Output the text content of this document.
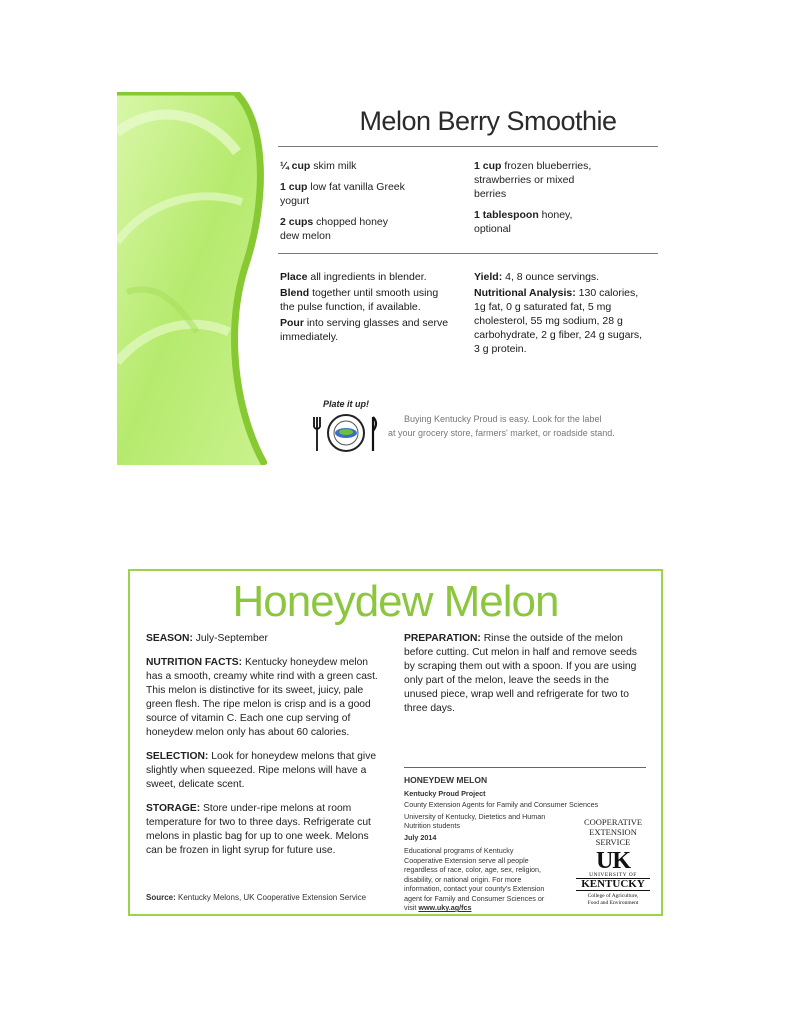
Melon Berry Smoothie

¼ cup skim milk

1 cup low fat vanilla Greek yogurt

2 cups chopped honey dew melon

1 cup frozen blueberries, strawberries or mixed berries

1 tablespoon honey, optional

Place all ingredients in blender.

Blend together until smooth using the pulse function, if available.

Pour into serving glasses and serve immediately.

Yield: 4, 8 ounce servings.

Nutritional Analysis: 130 calories, 1g fat, 0 g saturated fat, 5 mg cholesterol, 55 mg sodium, 28 g carbohydrate, 2 g fiber, 24 g sugars, 3 g protein.

Plate it up!
Buying Kentucky Proud is easy. Look for the label
at your grocery store, farmers' market, or roadside stand.
Honeydew Melon

SEASON: July-September

NUTRITION FACTS: Kentucky honeydew melon has a smooth, creamy white rind with a green cast. This melon is distinctive for its sweet, juicy, pale green flesh. The ripe melon is crisp and is a good source of vitamin C. Each one cup serving of honeydew melon only has about 60 calories.

SELECTION: Look for honeydew melons that give slightly when squeezed. Ripe melons will have a sweet, delicate scent.

STORAGE: Store under-ripe melons at room temperature for two to three days. Refrigerate cut melons in plastic bag for up to one week. Melons can be frozen in light syrup for future use.

Source: Kentucky Melons, UK Cooperative Extension Service

PREPARATION: Rinse the outside of the melon before cutting. Cut melon in half and remove seeds by scraping them out with a spoon. If you are using only part of the melon, leave the seeds in the unused piece, wrap well and refrigerate for two to three days.

HONEYDEW MELON

Kentucky Proud Project

County Extension Agents for Family and Consumer Sciences

University of Kentucky, Dietetics and Human Nutrition students

July 2014

Educational programs of Kentucky Cooperative Extension serve all people regardless of race, color, age, sex, religion, disability, or national origin. For more information, contact your county's Extension agent for Family and Consumer Sciences or visit www.uky.ag/fcs

COOPERATIVE
EXTENSION
SERVICE
UK
UNIVERSITY OF
KENTUCKY
College of Agriculture,
Food and Environment
